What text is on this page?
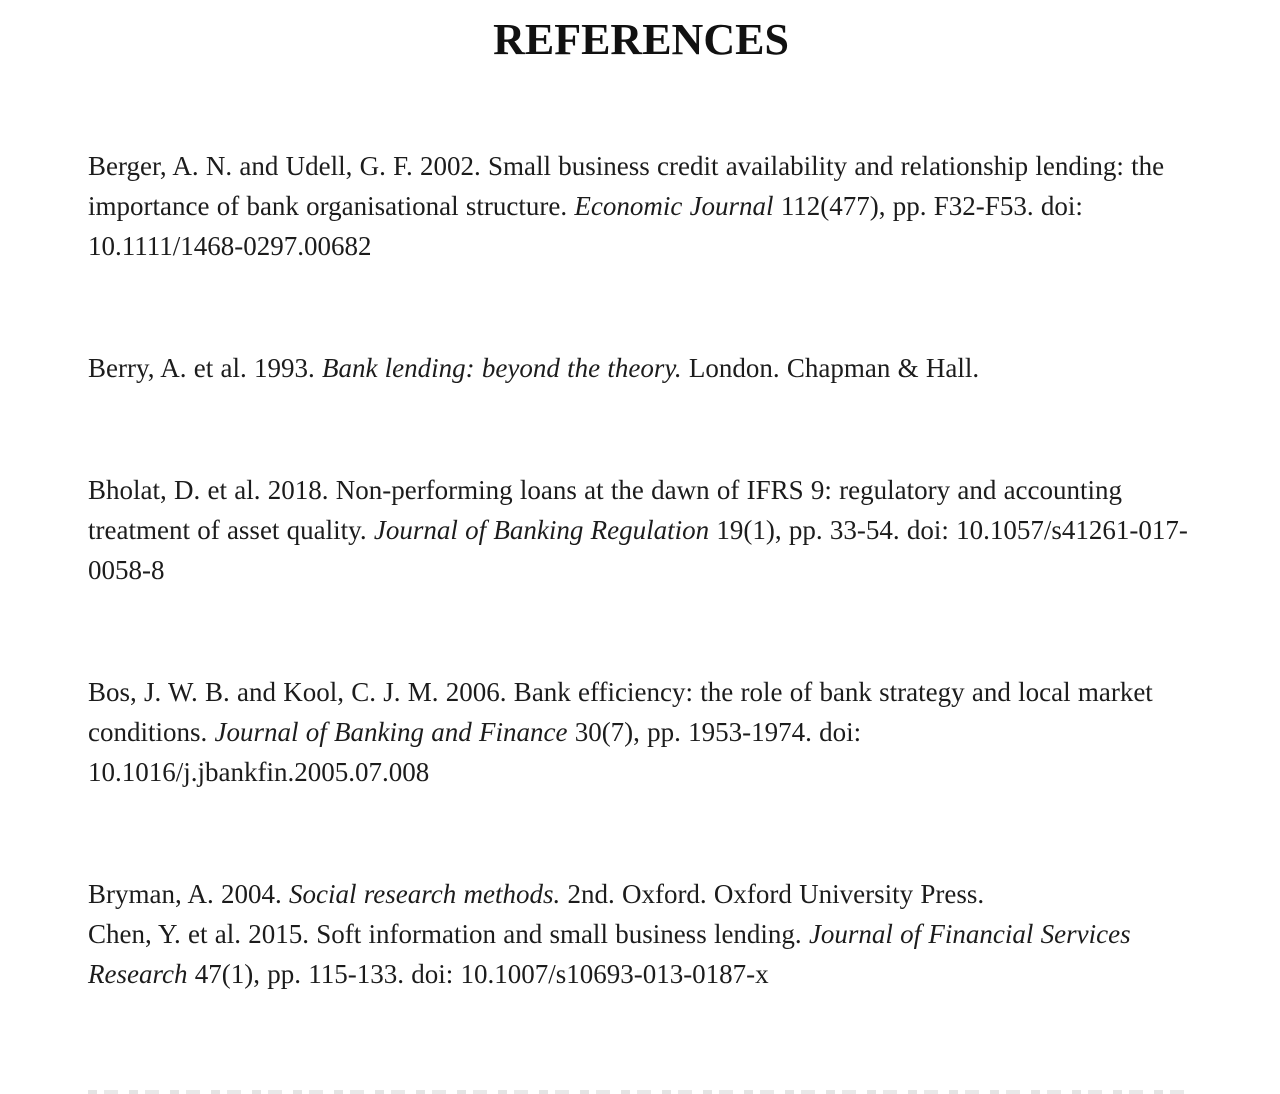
REFERENCES

Berger, A. N. and Udell, G. F. 2002. Small business credit availability and relationship lending: the importance of bank organisational structure. Economic Journal 112(477), pp. F32-F53. doi: 10.1111/1468-0297.00682

Berry, A. et al. 1993. Bank lending: beyond the theory. London. Chapman & Hall.

Bholat, D. et al. 2018. Non-performing loans at the dawn of IFRS 9: regulatory and accounting treatment of asset quality. Journal of Banking Regulation 19(1), pp. 33-54. doi: 10.1057/s41261-017-0058-8

Bos, J. W. B. and Kool, C. J. M. 2006. Bank efficiency: the role of bank strategy and local market conditions. Journal of Banking and Finance 30(7), pp. 1953-1974. doi: 10.1016/j.jbankfin.2005.07.008

Bryman, A. 2004. Social research methods. 2nd. Oxford. Oxford University Press.

Chen, Y. et al. 2015. Soft information and small business lending. Journal of Financial Services Research 47(1), pp. 115-133. doi: 10.1007/s10693-013-0187-x
